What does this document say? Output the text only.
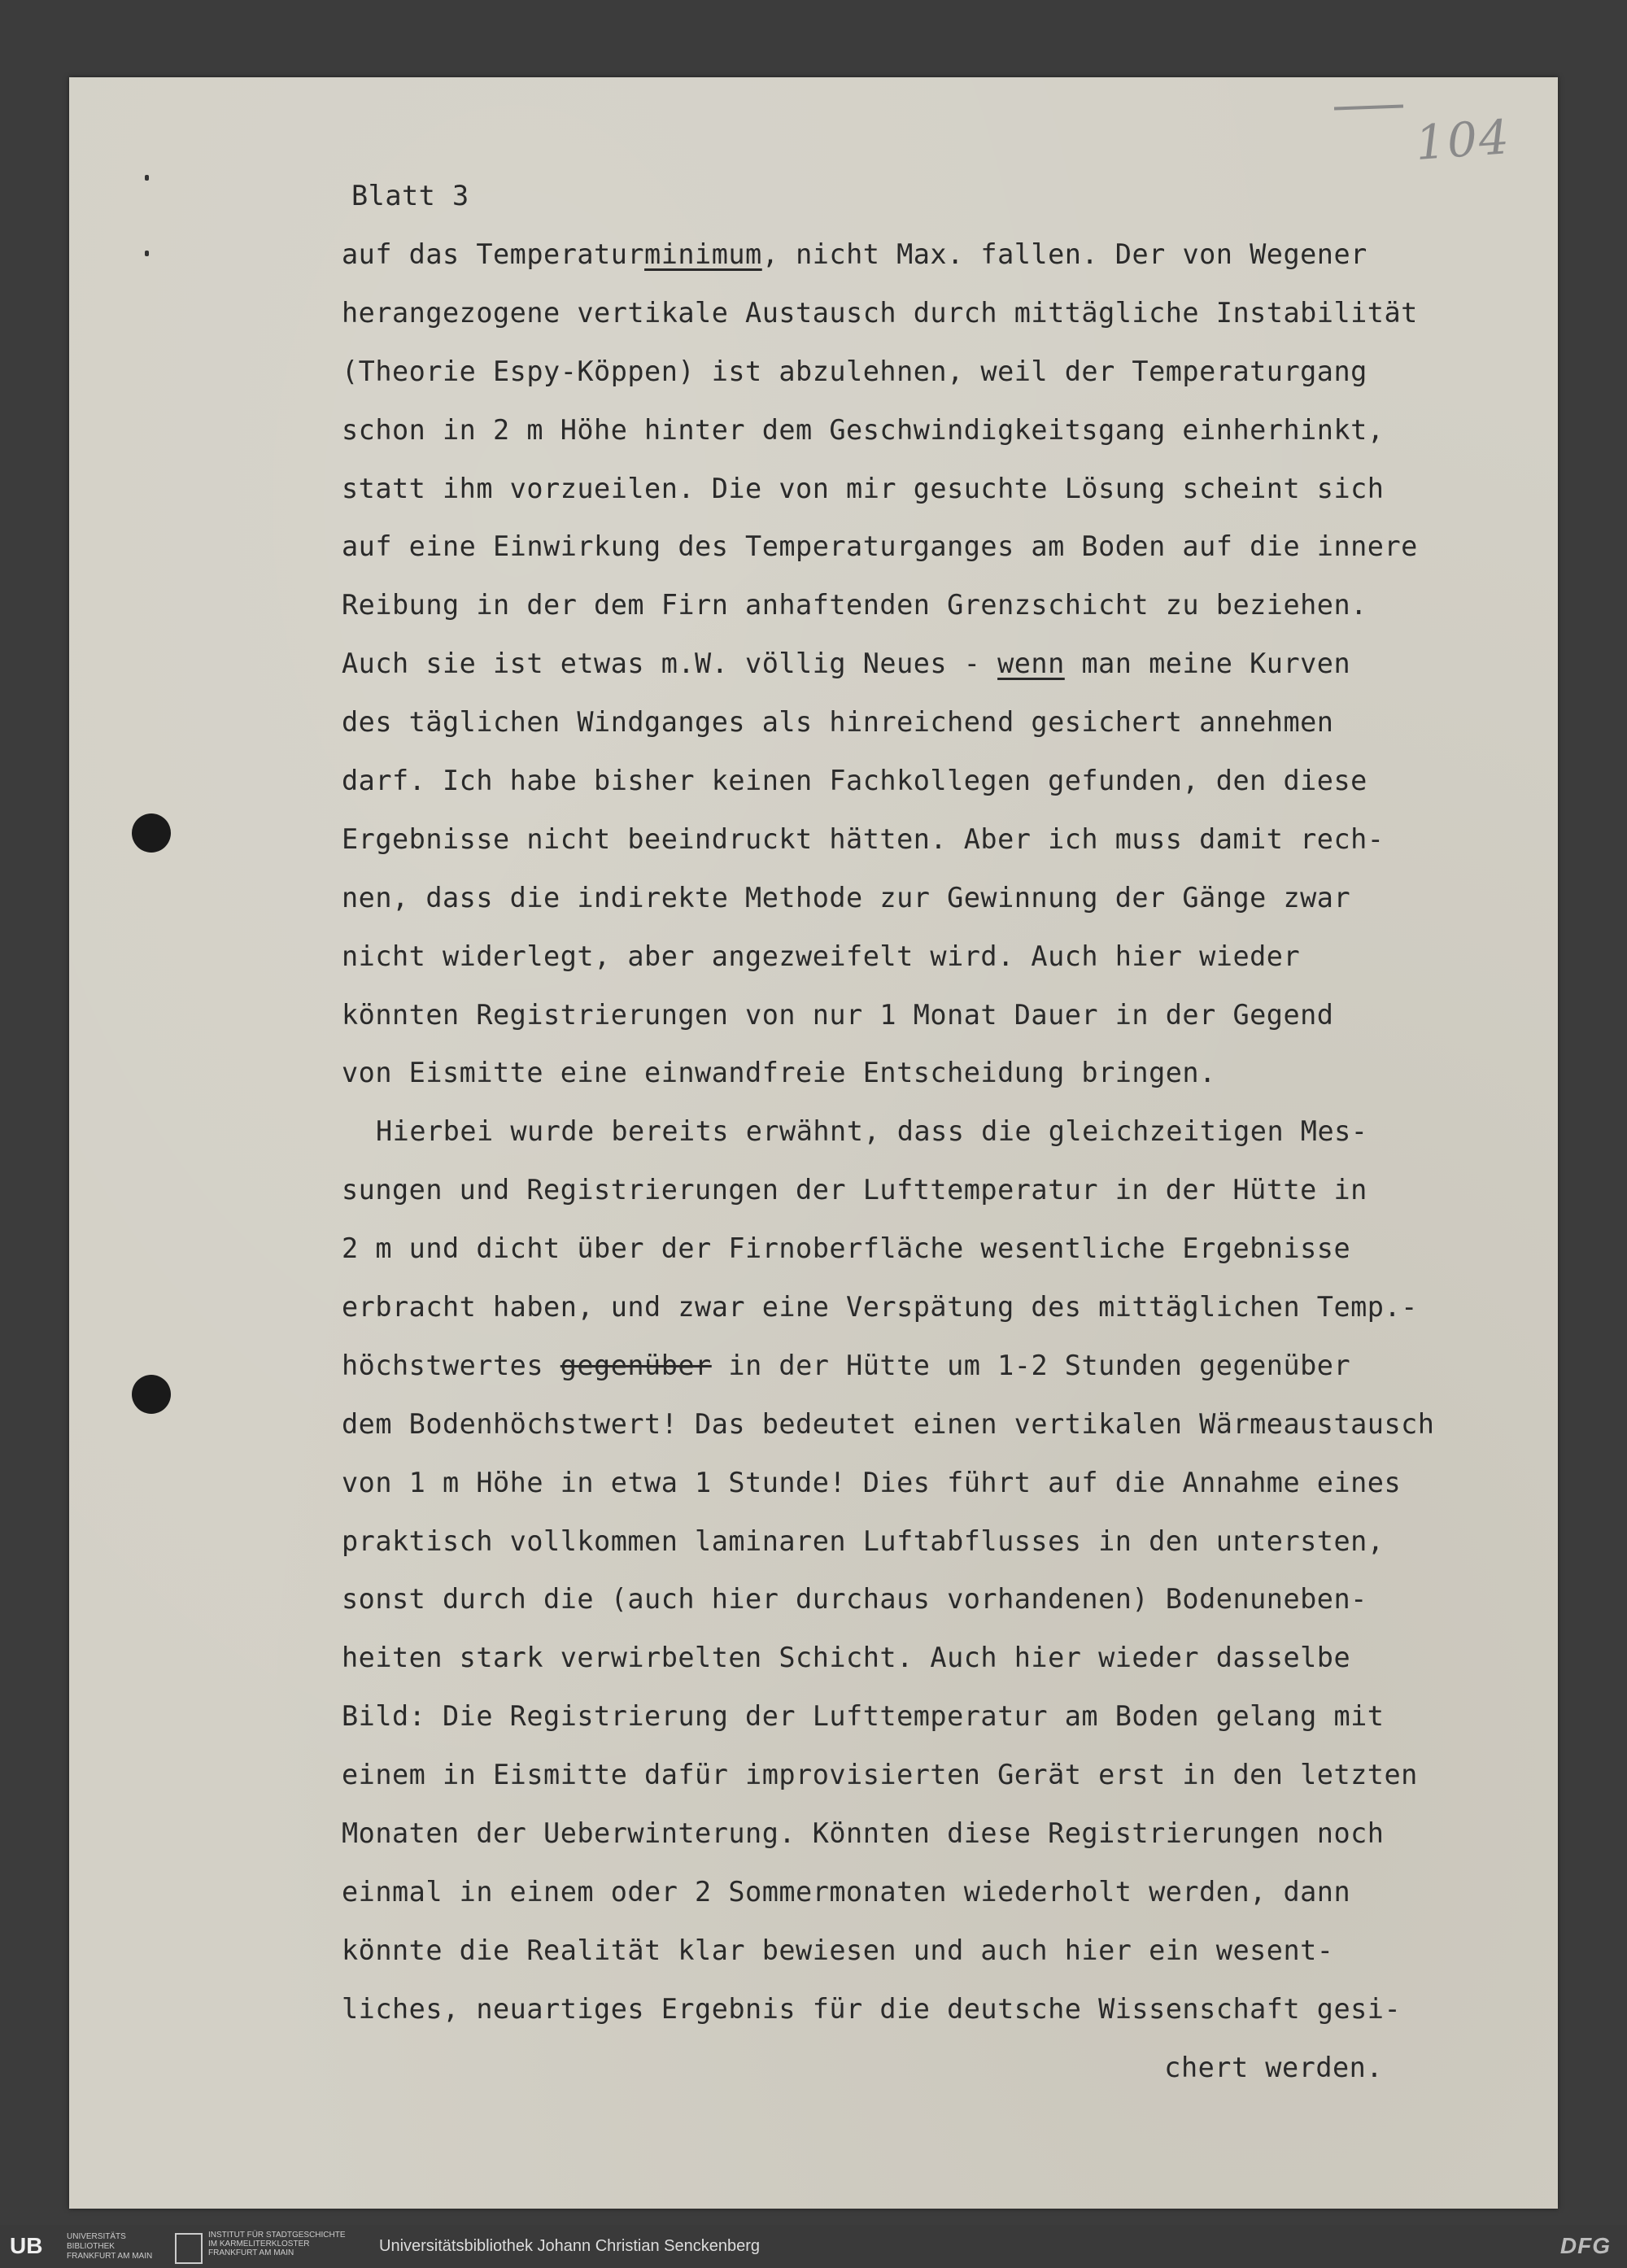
104
Blatt 3
auf das Temperaturminimum, nicht Max. fallen. Der von Wegener
herangezogene vertikale Austausch durch mittägliche Instabilität
(Theorie Espy-Köppen) ist abzulehnen, weil der Temperaturgang
schon in 2 m Höhe hinter dem Geschwindigkeitsgang einherhinkt,
statt ihm vorzueilen. Die von mir gesuchte Lösung scheint sich
auf eine Einwirkung des Temperaturganges am Boden auf die innere
Reibung in der dem Firn anhaftenden Grenzschicht zu beziehen.
Auch sie ist etwas m.W. völlig Neues - wenn man meine Kurven
des täglichen Windganges als hinreichend gesichert annehmen
darf. Ich habe bisher keinen Fachkollegen gefunden, den diese
Ergebnisse nicht beeindruckt hätten. Aber ich muss damit rech-
nen, dass die indirekte Methode zur Gewinnung der Gänge zwar
nicht widerlegt, aber angezweifelt wird. Auch hier wieder
könnten Registrierungen von nur 1 Monat Dauer in der Gegend
von Eismitte eine einwandfreie Entscheidung bringen.
Hierbei wurde bereits erwähnt, dass die gleichzeitigen Mes-
sungen und Registrierungen der Lufttemperatur in der Hütte in
2 m und dicht über der Firnoberfläche wesentliche Ergebnisse
erbracht haben, und zwar eine Verspätung des mittäglichen Temp.-
höchstwertes gegenüber in der Hütte um 1-2 Stunden gegenüber
dem Bodenhöchstwert! Das bedeutet einen vertikalen Wärmeaustausch
von 1 m Höhe in etwa 1 Stunde! Dies führt auf die Annahme eines
praktisch vollkommen laminaren Luftabflusses in den untersten,
sonst durch die (auch hier durchaus vorhandenen) Bodenuneben-
heiten stark verwirbelten Schicht. Auch hier wieder dasselbe
Bild: Die Registrierung der Lufttemperatur am Boden gelang mit
einem in Eismitte dafür improvisierten Gerät erst in den letzten
Monaten der Ueberwinterung. Könnten diese Registrierungen noch
einmal in einem oder 2 Sommermonaten wiederholt werden, dann
könnte die Realität klar bewiesen und auch hier ein wesent-
liches, neuartiges Ergebnis für die deutsche Wissenschaft gesi-
chert werden.
UB	UNIVERSITÄTS BIBLIOTHEK FRANKFURT AM MAIN
INSTITUT FÜR STADTGESCHICHTE IM KARMELITERKLOSTER FRANKFURT AM MAIN	Universitätsbibliothek Johann Christian Senckenberg	DFG
